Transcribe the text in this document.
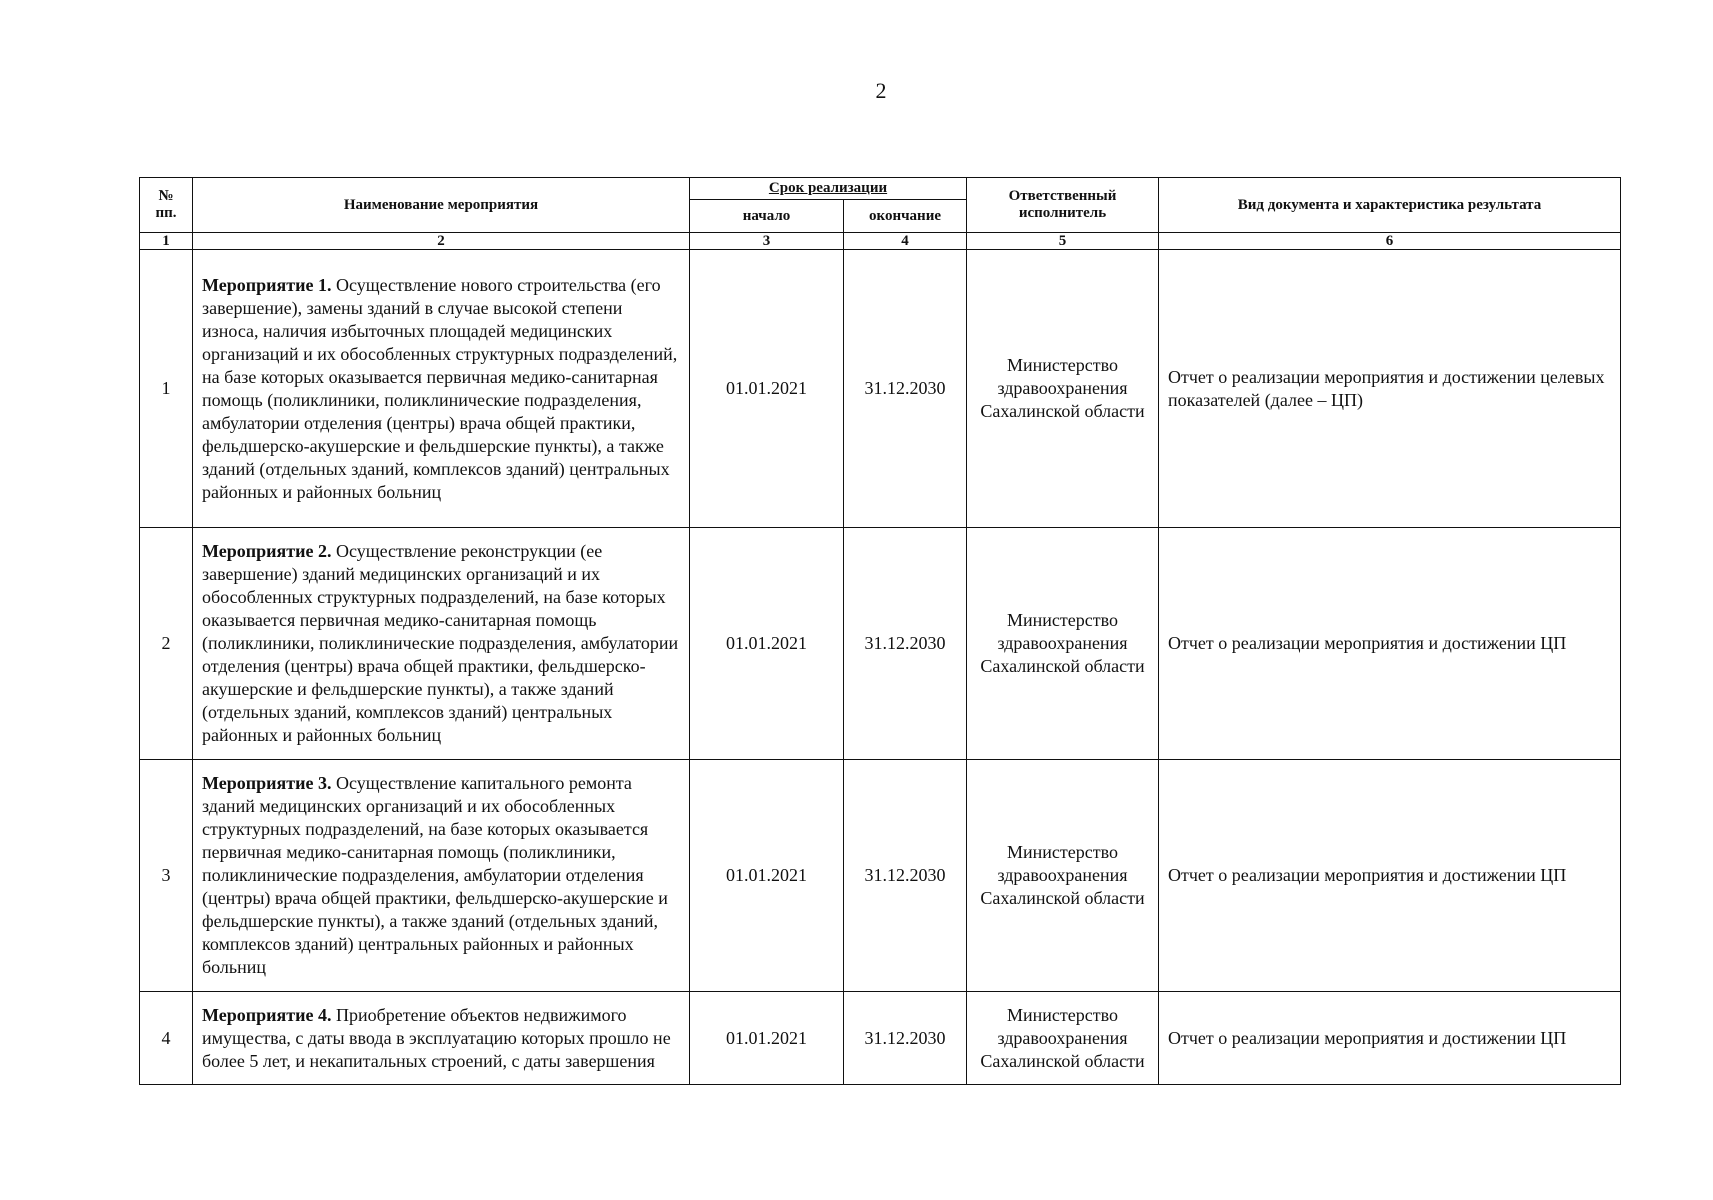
2
№ пп.	Наименование мероприятия	Срок реализации		Ответственный исполнитель	Вид документа и характеристика результата
		начало	окончание		
1	2	3	4	5	6
1	Мероприятие 1. Осуществление нового строительства (его завершение), замены зданий в случае высокой степени износа, наличия избыточных площадей медицинских организаций и их обособленных структурных подразделений, на базе которых оказывается первичная медико-санитарная помощь (поликлиники, поликлинические подразделения, амбулатории отделения (центры) врача общей практики, фельдшерско-акушерские и фельдшерские пункты), а также зданий (отдельных зданий, комплексов зданий) центральных районных и районных больниц	01.01.2021	31.12.2030	Министерство здравоохранения Сахалинской области	Отчет о реализации мероприятия и достижении целевых показателей (далее – ЦП)
2	Мероприятие 2. Осуществление реконструкции (ее завершение) зданий медицинских организаций и их обособленных структурных подразделений, на базе которых оказывается первичная медико-санитарная помощь (поликлиники, поликлинические подразделения, амбулатории отделения (центры) врача общей практики, фельдшерско-акушерские и фельдшерские пункты), а также зданий (отдельных зданий, комплексов зданий) центральных районных и районных больниц	01.01.2021	31.12.2030	Министерство здравоохранения Сахалинской области	Отчет о реализации мероприятия и достижении ЦП
3	Мероприятие 3. Осуществление капитального ремонта зданий медицинских организаций и их обособленных структурных подразделений, на базе которых оказывается первичная медико-санитарная помощь (поликлиники, поликлинические подразделения, амбулатории отделения (центры) врача общей практики, фельдшерско-акушерские и фельдшерские пункты), а также зданий (отдельных зданий, комплексов зданий) центральных районных и районных больниц	01.01.2021	31.12.2030	Министерство здравоохранения Сахалинской области	Отчет о реализации мероприятия и достижении ЦП
4	Мероприятие 4. Приобретение объектов недвижимого имущества, с даты ввода в эксплуатацию которых прошло не более 5 лет, и некапитальных строений, с даты завершения	01.01.2021	31.12.2030	Министерство здравоохранения Сахалинской области	Отчет о реализации мероприятия и достижении ЦП
